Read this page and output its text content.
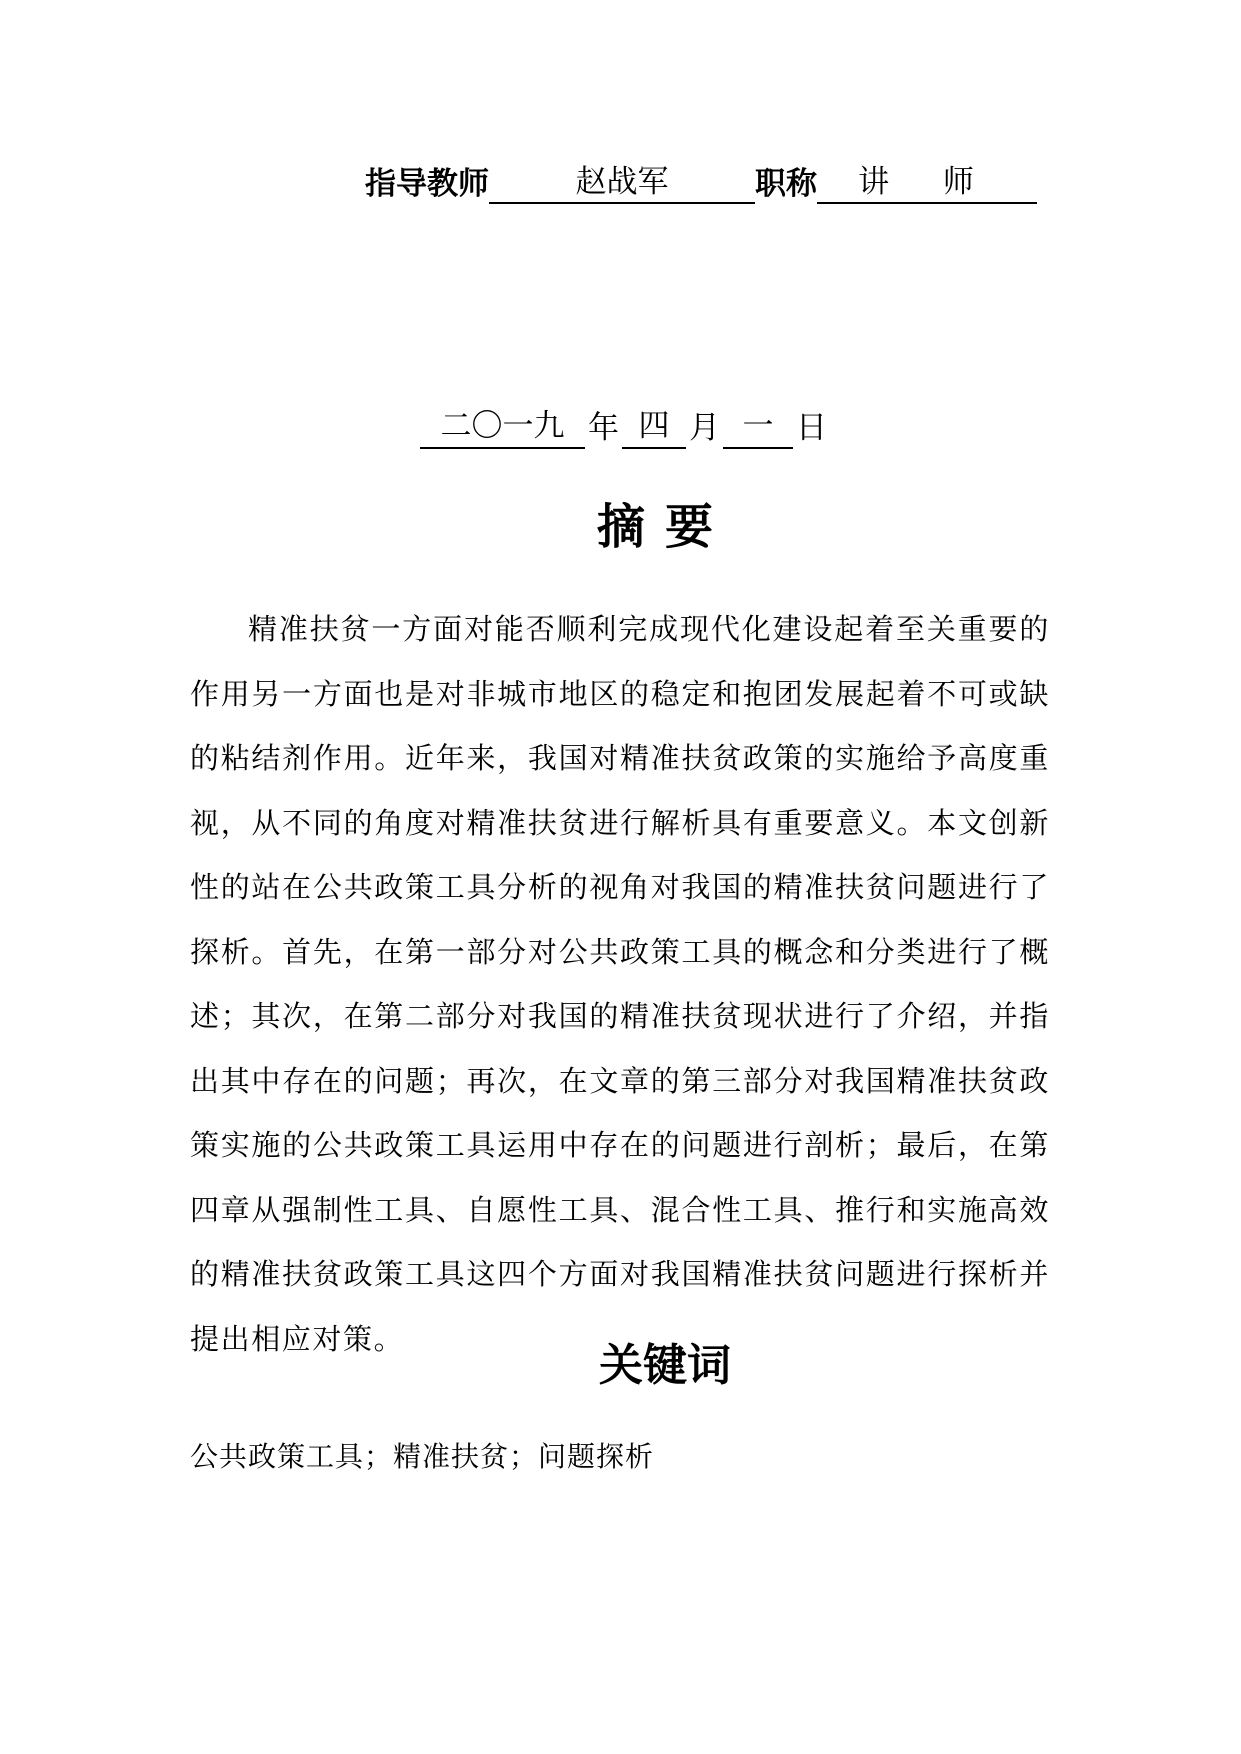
指导教师	赵战军	职称	讲 师
二〇一九 年 四 月 一 日
摘要

精准扶贫一方面对能否顺利完成现代化建设起着至关重要的作用另一方面也是对非城市地区的稳定和抱团发展起着不可或缺的粘结剂作用。近年来，我国对精准扶贫政策的实施给予高度重视，从不同的角度对精准扶贫进行解析具有重要意义。本文创新性的站在公共政策工具分析的视角对我国的精准扶贫问题进行了探析。首先，在第一部分对公共政策工具的概念和分类进行了概述；其次，在第二部分对我国的精准扶贫现状进行了介绍，并指出其中存在的问题；再次，在文章的第三部分对我国精准扶贫政策实施的公共政策工具运用中存在的问题进行剖析；最后，在第四章从强制性工具、自愿性工具、混合性工具、推行和实施高效的精准扶贫政策工具这四个方面对我国精准扶贫问题进行探析并提出相应对策。

关键词

公共政策工具；精准扶贫；问题探析
